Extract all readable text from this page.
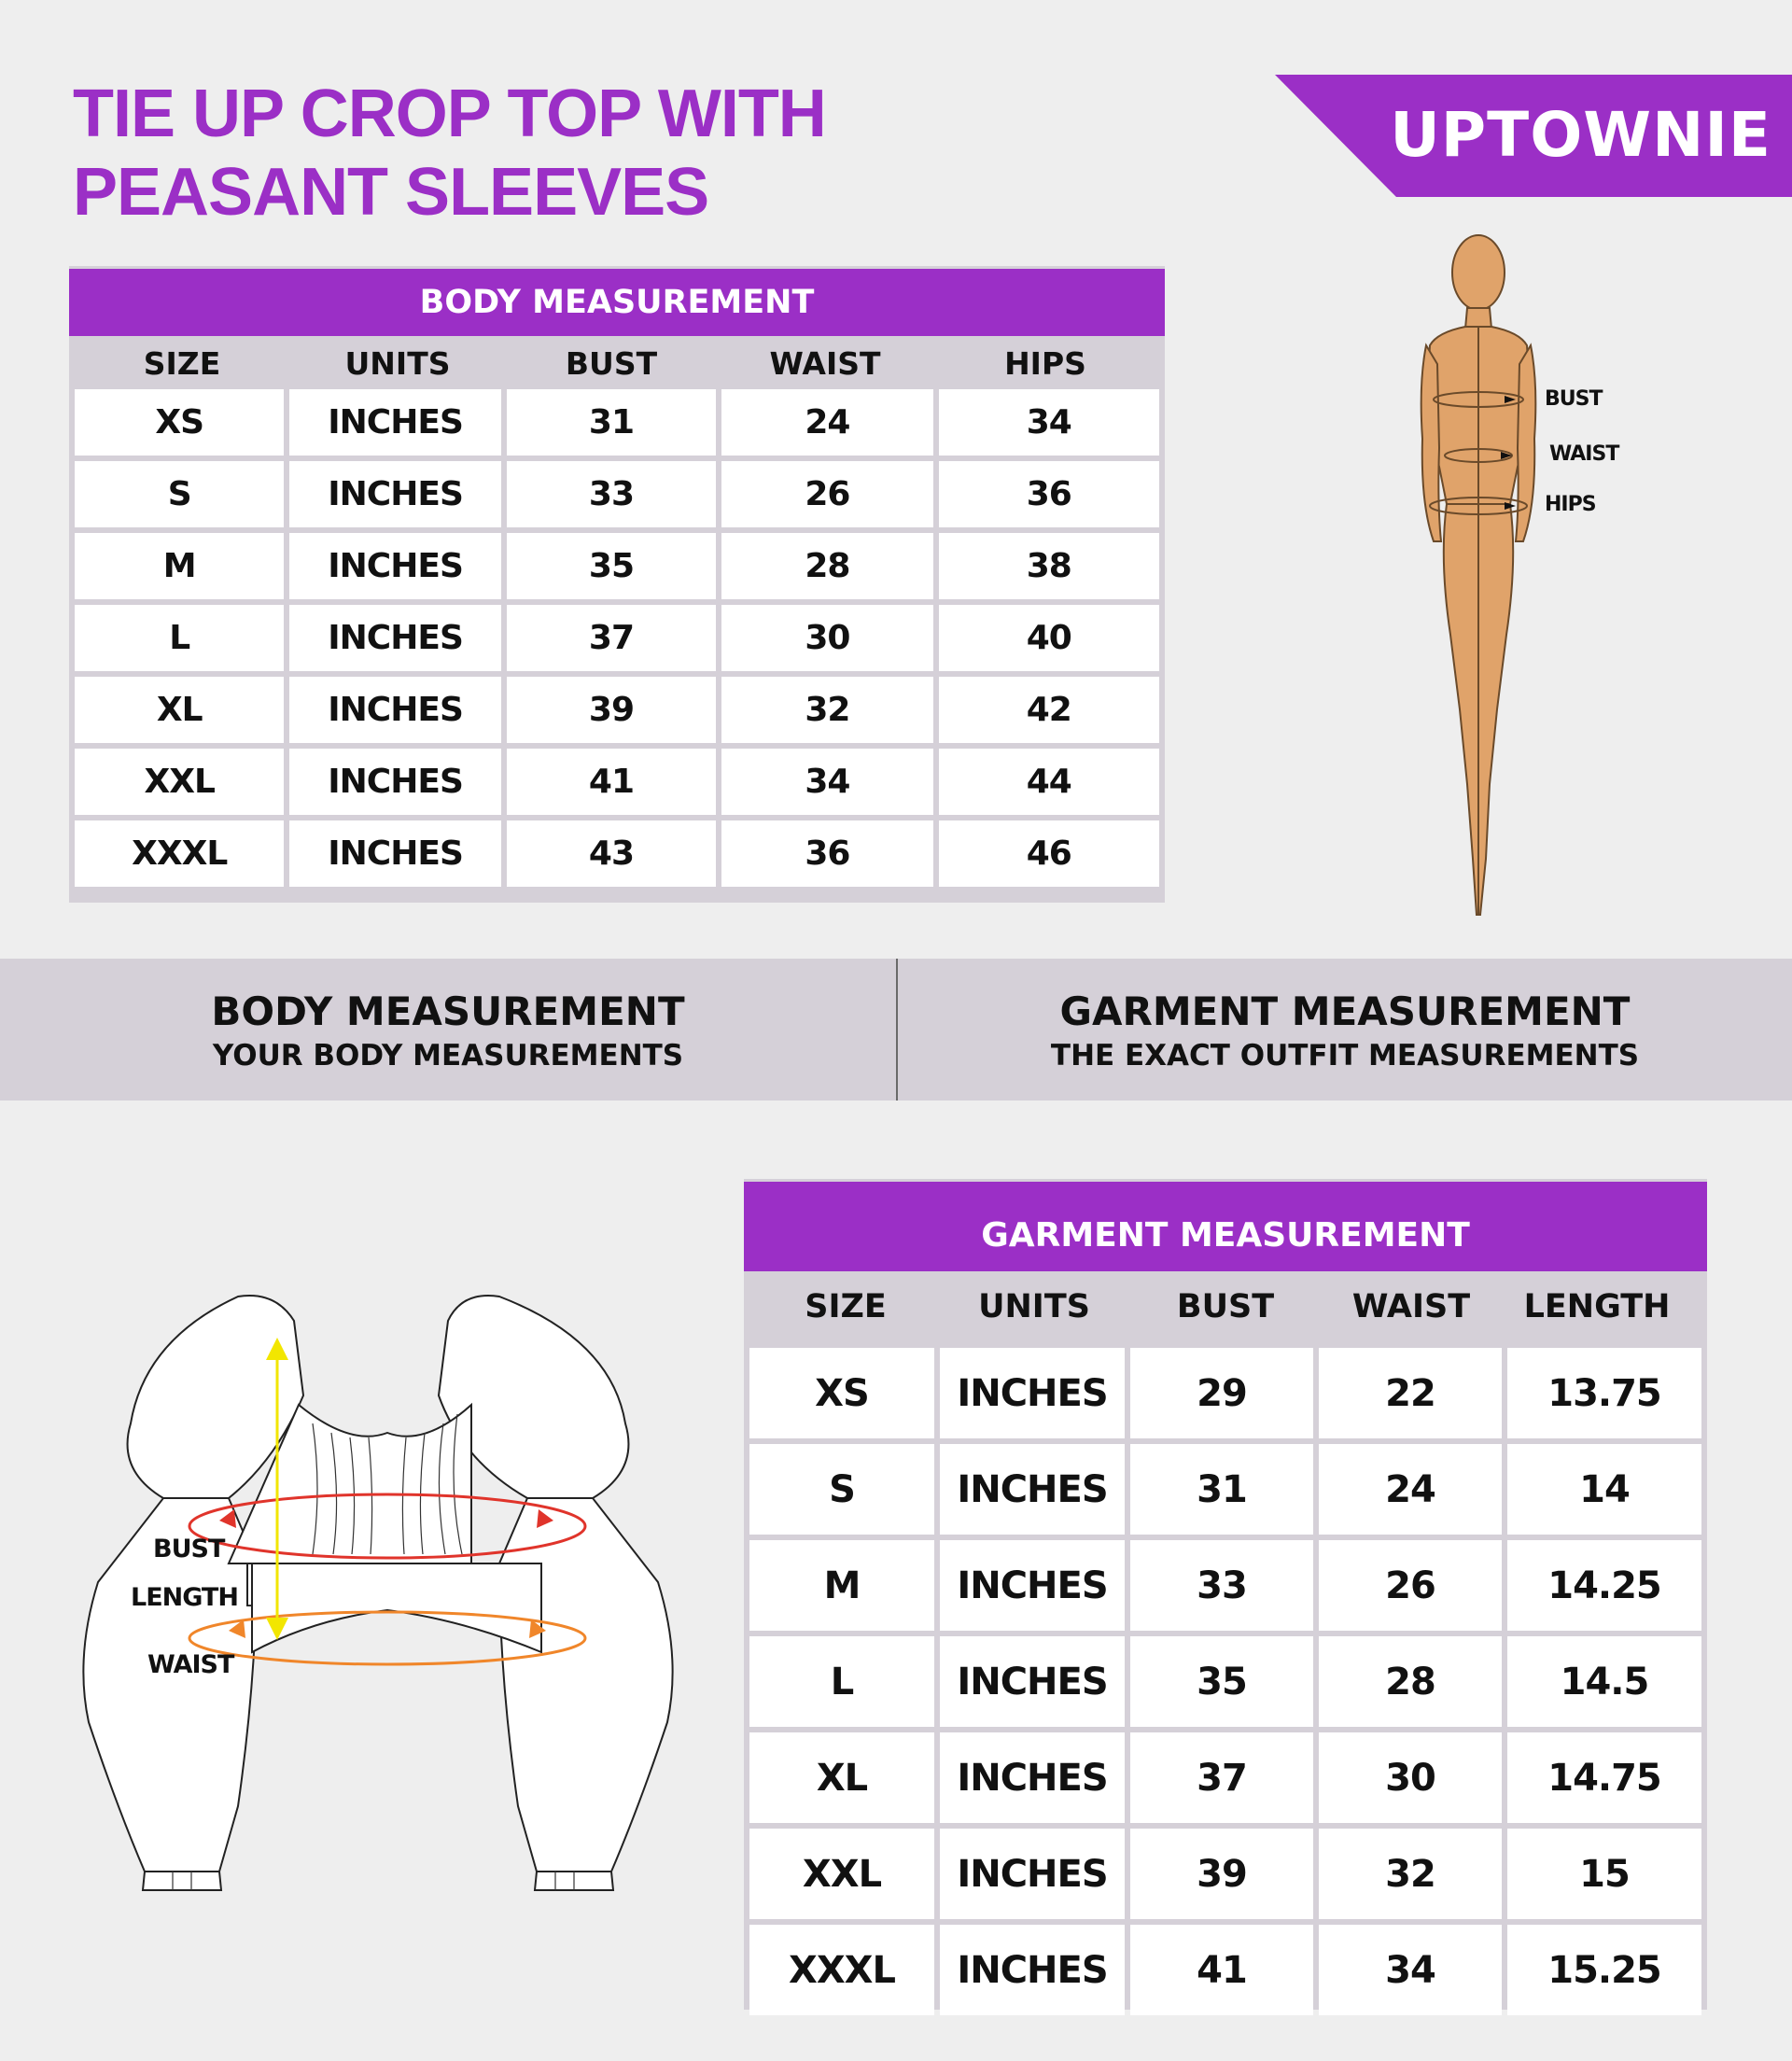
TIE UP CROP TOP WITH
PEASANT SLEEVES
UPTOWNIE
BODY MEASUREMENT
SIZE	UNITS	BUST	WAIST	HIPS
XS	INCHES	31	24	34
S	INCHES	33	26	36
M	INCHES	35	28	38
L	INCHES	37	30	40
XL	INCHES	39	32	42
XXL	INCHES	41	34	44
XXXL	INCHES	43	36	46
BUST
WAIST
HIPS
BODY MEASUREMENT
YOUR BODY MEASUREMENTS
GARMENT MEASUREMENT
THE EXACT OUTFIT MEASUREMENTS
BUST
LENGTH
WAIST
GARMENT MEASUREMENT
SIZE	UNITS	BUST	WAIST	LENGTH
XS	INCHES	29	22	13.75
S	INCHES	31	24	14
M	INCHES	33	26	14.25
L	INCHES	35	28	14.5
XL	INCHES	37	30	14.75
XXL	INCHES	39	32	15
XXXL	INCHES	41	34	15.25
